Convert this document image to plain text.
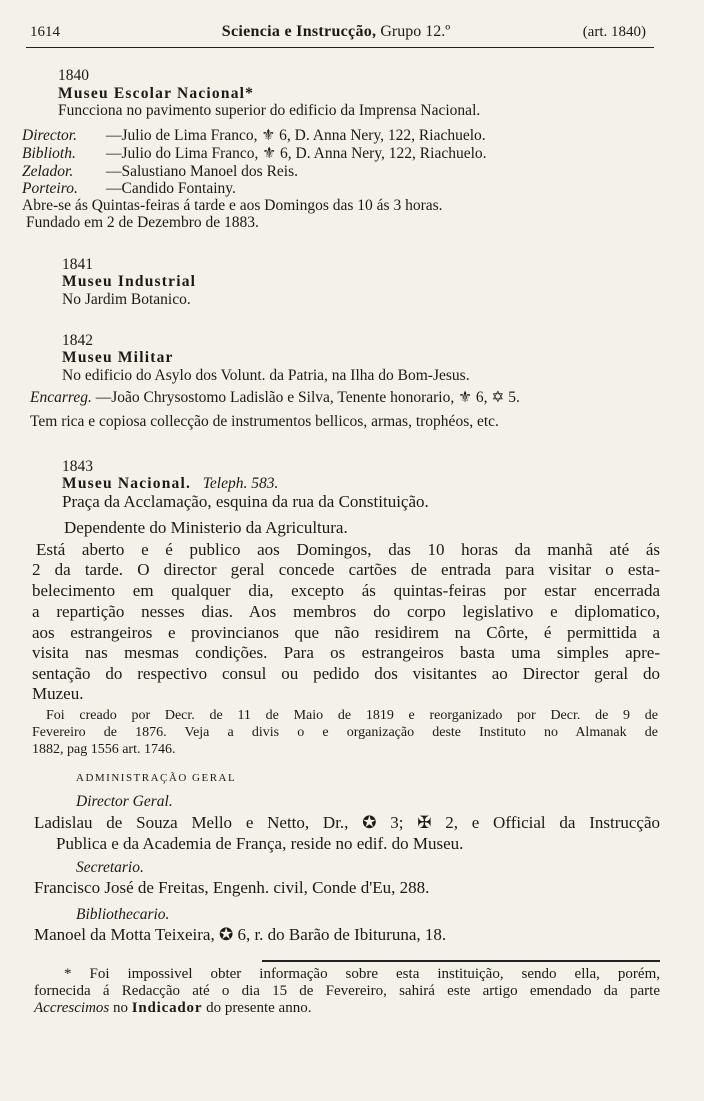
1614	Sciencia e Instrucção, Grupo 12.º	(art. 1840)
1840
Museu Escolar Nacional*
Funcciona no pavimento superior do edificio da Imprensa Nacional.
Director. —Julio de Lima Franco, ⚜ 6, D. Anna Nery, 122, Riachuelo.
Biblioth. —Julio do Lima Franco, ⚜ 6, D. Anna Nery, 122, Riachuelo.
Zelador. —Salustiano Manoel dos Reis.
Porteiro. —Candido Fontainy.
Abre-se ás Quintas-feiras á tarde e aos Domingos das 10 ás 3 horas.
Fundado em 2 de Dezembro de 1883.
1841
Museu Industrial
No Jardim Botanico.
1842
Museu Militar
No edificio do Asylo dos Volunt. da Patria, na Ilha do Bom-Jesus.
Encarreg. —João Chrysostomo Ladislão e Silva, Tenente honorario, ⚜ 6, ✡ 5.
Tem rica e copiosa collecção de instrumentos bellicos, armas, trophéos, etc.
1843
Museu Nacional. Teleph. 583.
Praça da Acclamação, esquina da rua da Constituição.
Dependente do Ministerio da Agricultura.
Está aberto e é publico aos Domingos, das 10 horas da manhã até ás
2 da tarde. O director geral concede cartões de entrada para visitar o esta-
belecimento em qualquer dia, excepto ás quintas-feiras por estar encerrada
a repartição nesses dias. Aos membros do corpo legislativo e diplomatico,
aos estrangeiros e provincianos que não residirem na Côrte, é permittida a
visita nas mesmas condições. Para os estrangeiros basta uma simples apre-
sentação do respectivo consul ou pedido dos visitantes ao Director geral do
Muzeu.
Foi creado por Decr. de 11 de Maio de 1819 e reorganizado por Decr. de 9 de
Fevereiro de 1876. Veja a divis o e organização deste Instituto no Almanak de
1882, pag 1556 art. 1746.
ADMINISTRAÇÃO GERAL
Director Geral.
Ladislau de Souza Mello e Netto, Dr., ✪ 3; ✠ 2, e Official da Instrucção
Publica e da Academia de França, reside no edif. do Museu.
Secretario.
Francisco José de Freitas, Engenh. civil, Conde d'Eu, 288.
Bibliothecario.
Manoel da Motta Teixeira, ✪ 6, r. do Barão de Ibituruna, 18.
* Foi impossivel obter informação sobre esta instituição, sendo ella, porém,
fornecida á Redacção até o dia 15 de Fevereiro, sahirá este artigo emendado da parte
Accrescimos no Indicador do presente anno.
